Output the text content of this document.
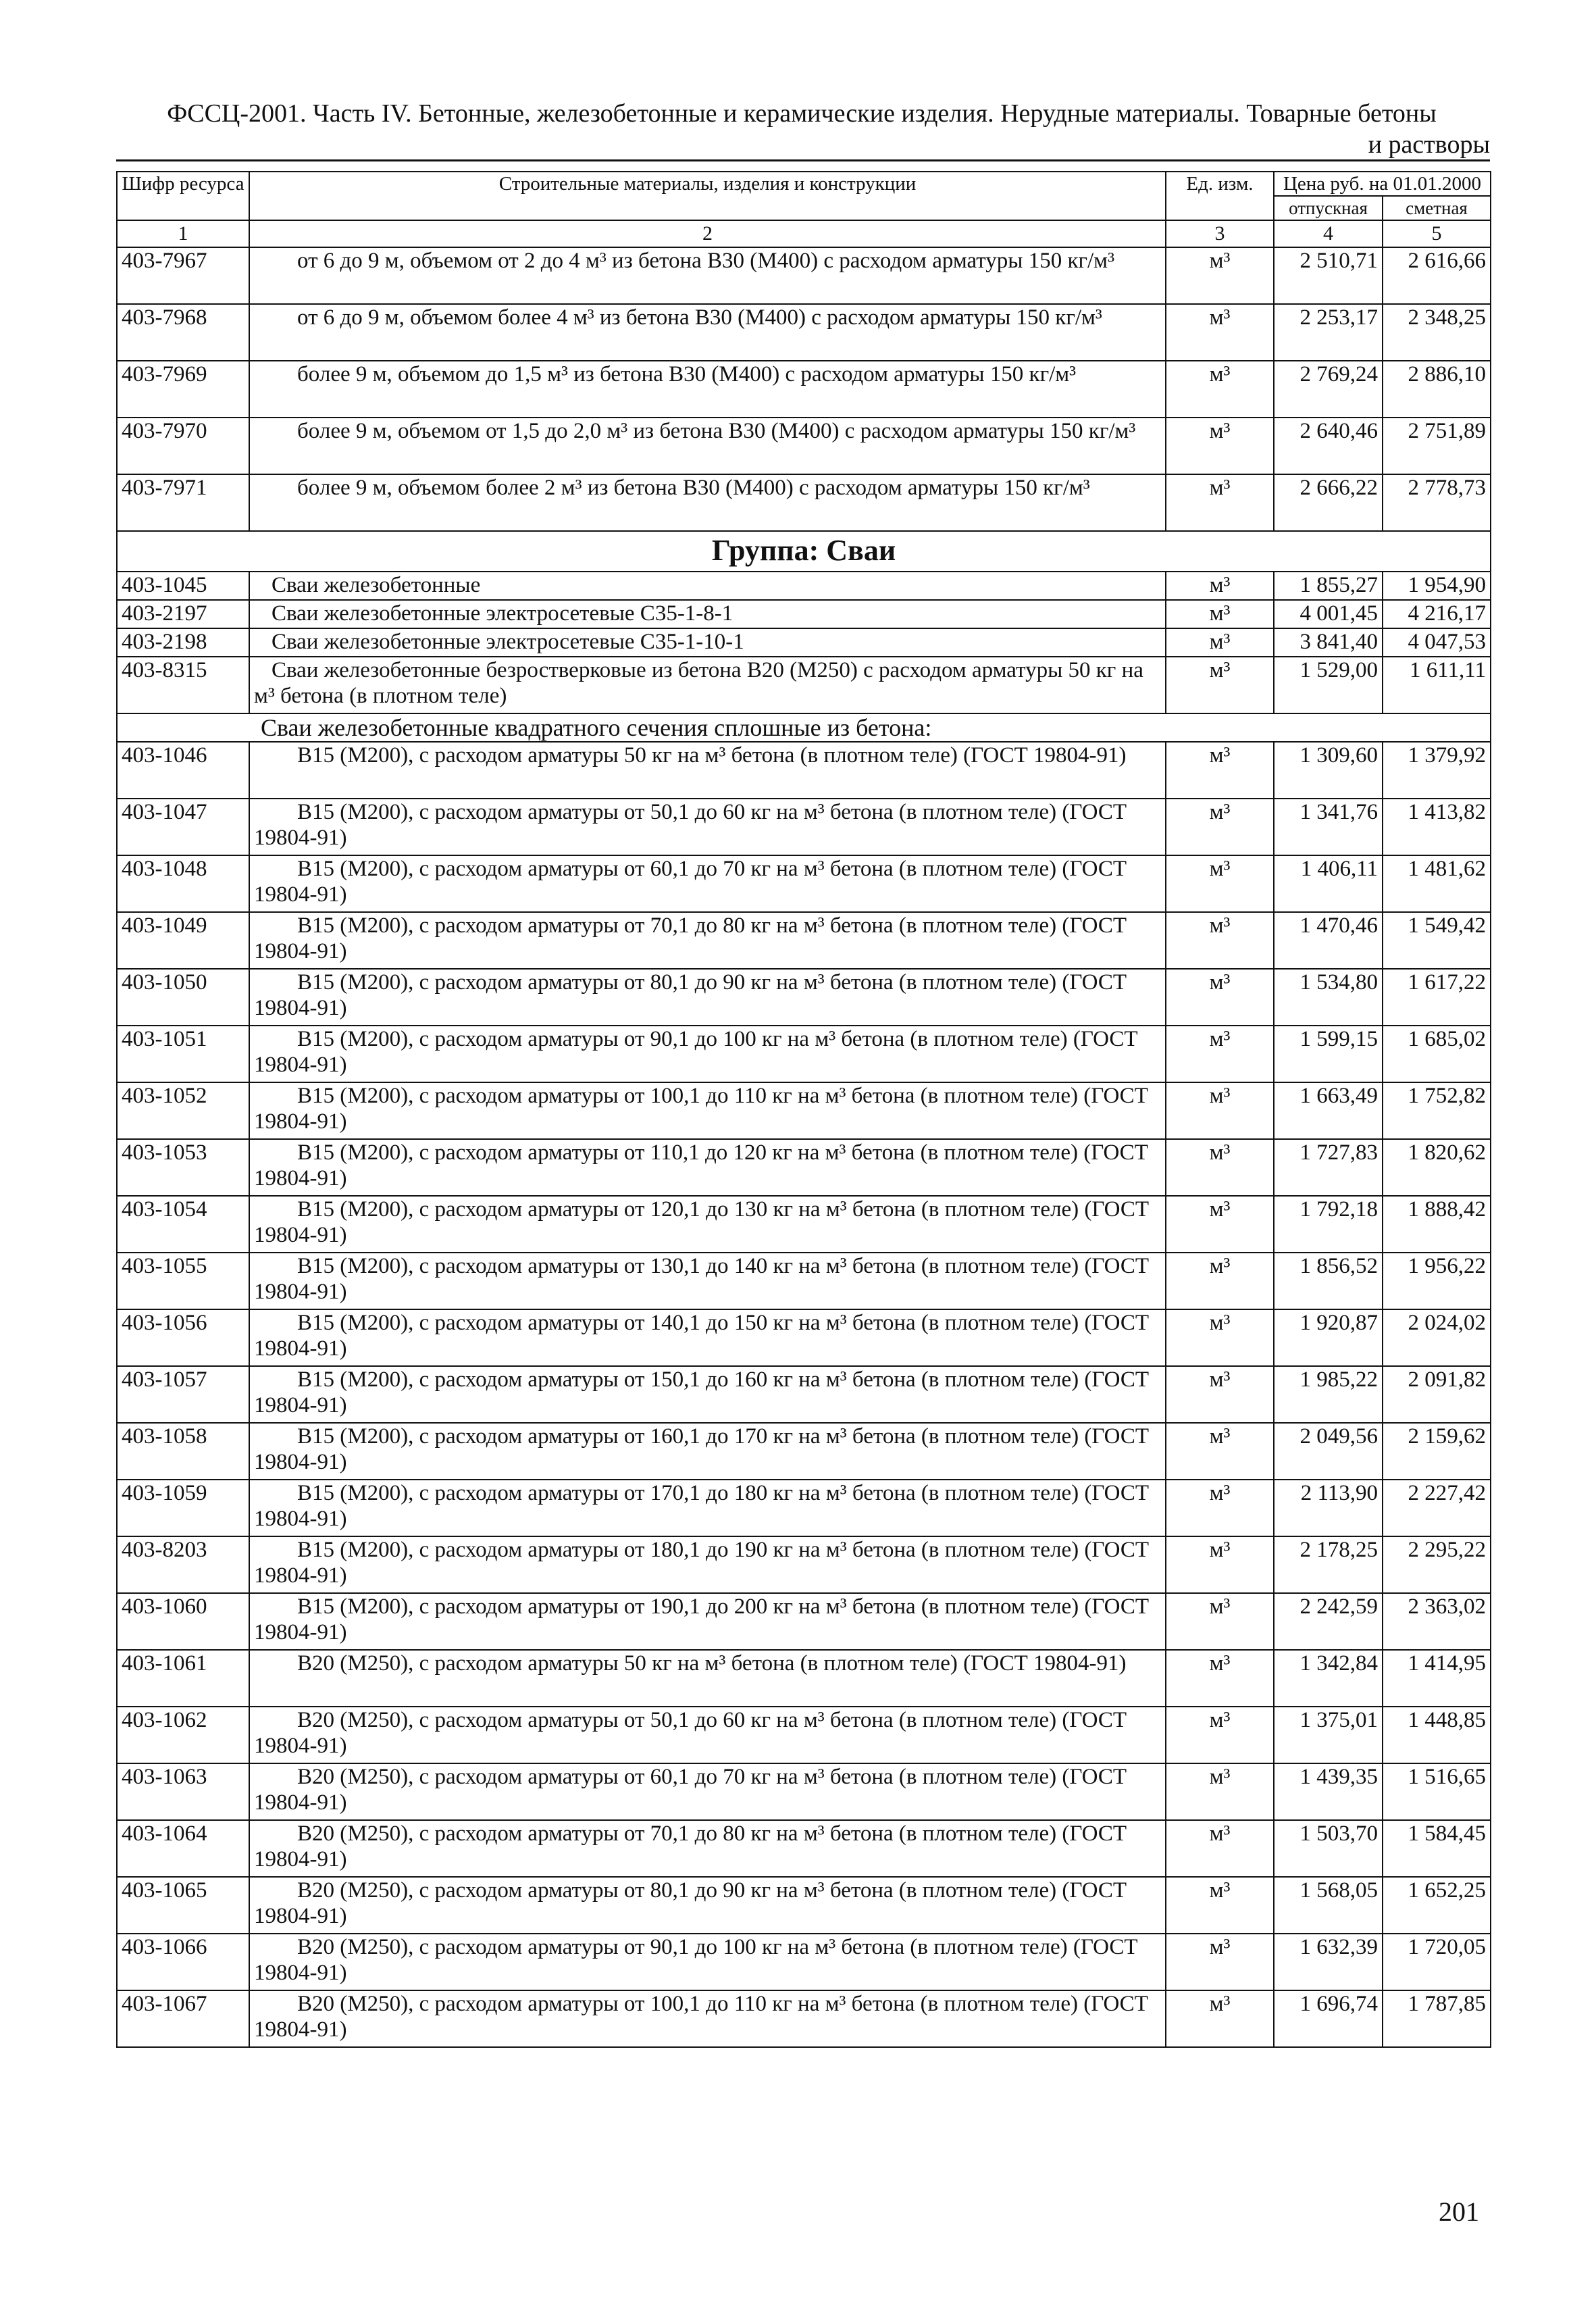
ФССЦ-2001. Часть IV. Бетонные, железобетонные и керамические изделия. Нерудные материалы. Товарные бетоны
и растворы
Шифр ресурса	Строительные материалы, изделия и конструкции	Ед. изм.	Цена руб. на 01.01.2000	
			отпускная	сметная
1	2	3	4	5
403-7967	от 6 до 9 м, объемом от 2 до 4 м³ из бетона В30 (М400) с расходом арматуры 150 кг/м³	м³	2 510,71	2 616,66
403-7968	от 6 до 9 м, объемом более 4 м³ из бетона В30 (М400) с расходом арматуры 150 кг/м³	м³	2 253,17	2 348,25
403-7969	более 9 м, объемом до 1,5 м³ из бетона В30 (М400) с расходом арматуры 150 кг/м³	м³	2 769,24	2 886,10
403-7970	более 9 м, объемом от 1,5 до 2,0 м³ из бетона В30 (М400) с расходом арматуры 150 кг/м³	м³	2 640,46	2 751,89
403-7971	более 9 м, объемом более 2 м³ из бетона В30 (М400) с расходом арматуры 150 кг/м³	м³	2 666,22	2 778,73
Группа: Сваи				
403-1045	Сваи железобетонные	м³	1 855,27	1 954,90
403-2197	Сваи железобетонные электросетевые С35-1-8-1	м³	4 001,45	4 216,17
403-2198	Сваи железобетонные электросетевые С35-1-10-1	м³	3 841,40	4 047,53
403-8315	Сваи железобетонные безростверковые из бетона В20 (М250) с расходом арматуры 50 кг на м³ бетона (в плотном теле)	м³	1 529,00	1 611,11
Сваи железобетонные квадратного сечения сплошные из бетона:				
403-1046	В15 (М200), с расходом арматуры 50 кг на м³ бетона (в плотном теле) (ГОСТ 19804-91)	м³	1 309,60	1 379,92
403-1047	В15 (М200), с расходом арматуры от 50,1 до 60 кг на м³ бетона (в плотном теле) (ГОСТ 19804-91)	м³	1 341,76	1 413,82
403-1048	В15 (М200), с расходом арматуры от 60,1 до 70 кг на м³ бетона (в плотном теле) (ГОСТ 19804-91)	м³	1 406,11	1 481,62
403-1049	В15 (М200), с расходом арматуры от 70,1 до 80 кг на м³ бетона (в плотном теле) (ГОСТ 19804-91)	м³	1 470,46	1 549,42
403-1050	В15 (М200), с расходом арматуры от 80,1 до 90 кг на м³ бетона (в плотном теле) (ГОСТ 19804-91)	м³	1 534,80	1 617,22
403-1051	В15 (М200), с расходом арматуры от 90,1 до 100 кг на м³ бетона (в плотном теле) (ГОСТ 19804-91)	м³	1 599,15	1 685,02
403-1052	В15 (М200), с расходом арматуры от 100,1 до 110 кг на м³ бетона (в плотном теле) (ГОСТ 19804-91)	м³	1 663,49	1 752,82
403-1053	В15 (М200), с расходом арматуры от 110,1 до 120 кг на м³ бетона (в плотном теле) (ГОСТ 19804-91)	м³	1 727,83	1 820,62
403-1054	В15 (М200), с расходом арматуры от 120,1 до 130 кг на м³ бетона (в плотном теле) (ГОСТ 19804-91)	м³	1 792,18	1 888,42
403-1055	В15 (М200), с расходом арматуры от 130,1 до 140 кг на м³ бетона (в плотном теле) (ГОСТ 19804-91)	м³	1 856,52	1 956,22
403-1056	В15 (М200), с расходом арматуры от 140,1 до 150 кг на м³ бетона (в плотном теле) (ГОСТ 19804-91)	м³	1 920,87	2 024,02
403-1057	В15 (М200), с расходом арматуры от 150,1 до 160 кг на м³ бетона (в плотном теле) (ГОСТ 19804-91)	м³	1 985,22	2 091,82
403-1058	В15 (М200), с расходом арматуры от 160,1 до 170 кг на м³ бетона (в плотном теле) (ГОСТ 19804-91)	м³	2 049,56	2 159,62
403-1059	В15 (М200), с расходом арматуры от 170,1 до 180 кг на м³ бетона (в плотном теле) (ГОСТ 19804-91)	м³	2 113,90	2 227,42
403-8203	В15 (М200), с расходом арматуры от 180,1 до 190 кг на м³ бетона (в плотном теле) (ГОСТ 19804-91)	м³	2 178,25	2 295,22
403-1060	В15 (М200), с расходом арматуры от 190,1 до 200 кг на м³ бетона (в плотном теле) (ГОСТ 19804-91)	м³	2 242,59	2 363,02
403-1061	В20 (М250), с расходом арматуры 50 кг на м³ бетона (в плотном теле) (ГОСТ 19804-91)	м³	1 342,84	1 414,95
403-1062	В20 (М250), с расходом арматуры от 50,1 до 60 кг на м³ бетона (в плотном теле) (ГОСТ 19804-91)	м³	1 375,01	1 448,85
403-1063	В20 (М250), с расходом арматуры от 60,1 до 70 кг на м³ бетона (в плотном теле) (ГОСТ 19804-91)	м³	1 439,35	1 516,65
403-1064	В20 (М250), с расходом арматуры от 70,1 до 80 кг на м³ бетона (в плотном теле) (ГОСТ 19804-91)	м³	1 503,70	1 584,45
403-1065	В20 (М250), с расходом арматуры от 80,1 до 90 кг на м³ бетона (в плотном теле) (ГОСТ 19804-91)	м³	1 568,05	1 652,25
403-1066	В20 (М250), с расходом арматуры от 90,1 до 100 кг на м³ бетона (в плотном теле) (ГОСТ 19804-91)	м³	1 632,39	1 720,05
403-1067	В20 (М250), с расходом арматуры от 100,1 до 110 кг на м³ бетона (в плотном теле) (ГОСТ 19804-91)	м³	1 696,74	1 787,85
201
